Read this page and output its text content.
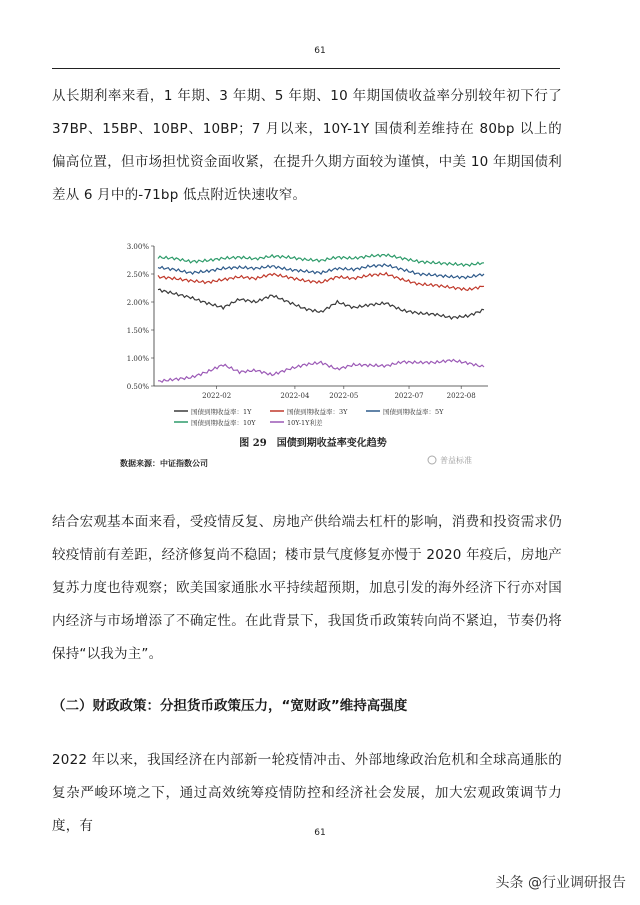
61

从长期利率来看，1 年期、3 年期、5 年期、10 年期国债收益率分别较年初下行了 37BP、15BP、10BP、10BP；7 月以来，10Y-1Y 国债利差维持在 80bp 以上的偏高位置，但市场担忧资金面收紧，在提升久期方面较为谨慎，中美 10 年期国债利差从 6 月中的-71bp 低点附近快速收窄。

3.00%
2.50%
2.00%
1.50%
1.00%
0.50%
2022-02	2022-04	2022-05	2022-07	2022-08
国债到期收益率：1Y	国债到期收益率：3Y	国债到期收益率：5Y
国债到期收益率：10Y	10Y-1Y利差
图 29　国债到期收益率变化趋势
数据来源：中证指数公司	普益标准

结合宏观基本面来看，受疫情反复、房地产供给端去杠杆的影响，消费和投资需求仍较疫情前有差距，经济修复尚不稳固；楼市景气度修复亦慢于 2020 年疫后，房地产复苏力度也待观察；欧美国家通胀水平持续超预期，加息引发的海外经济下行亦对国内经济与市场增添了不确定性。在此背景下，我国货币政策转向尚不紧迫，节奏仍将保持“以我为主”。

（二）财政政策：分担货币政策压力，“宽财政”维持高强度

2022 年以来，我国经济在内部新一轮疫情冲击、外部地缘政治危机和全球高通胀的复杂严峻环境之下，通过高效统筹疫情防控和经济社会发展，加大宏观政策调节力度，有	61
头条 @行业调研报告
